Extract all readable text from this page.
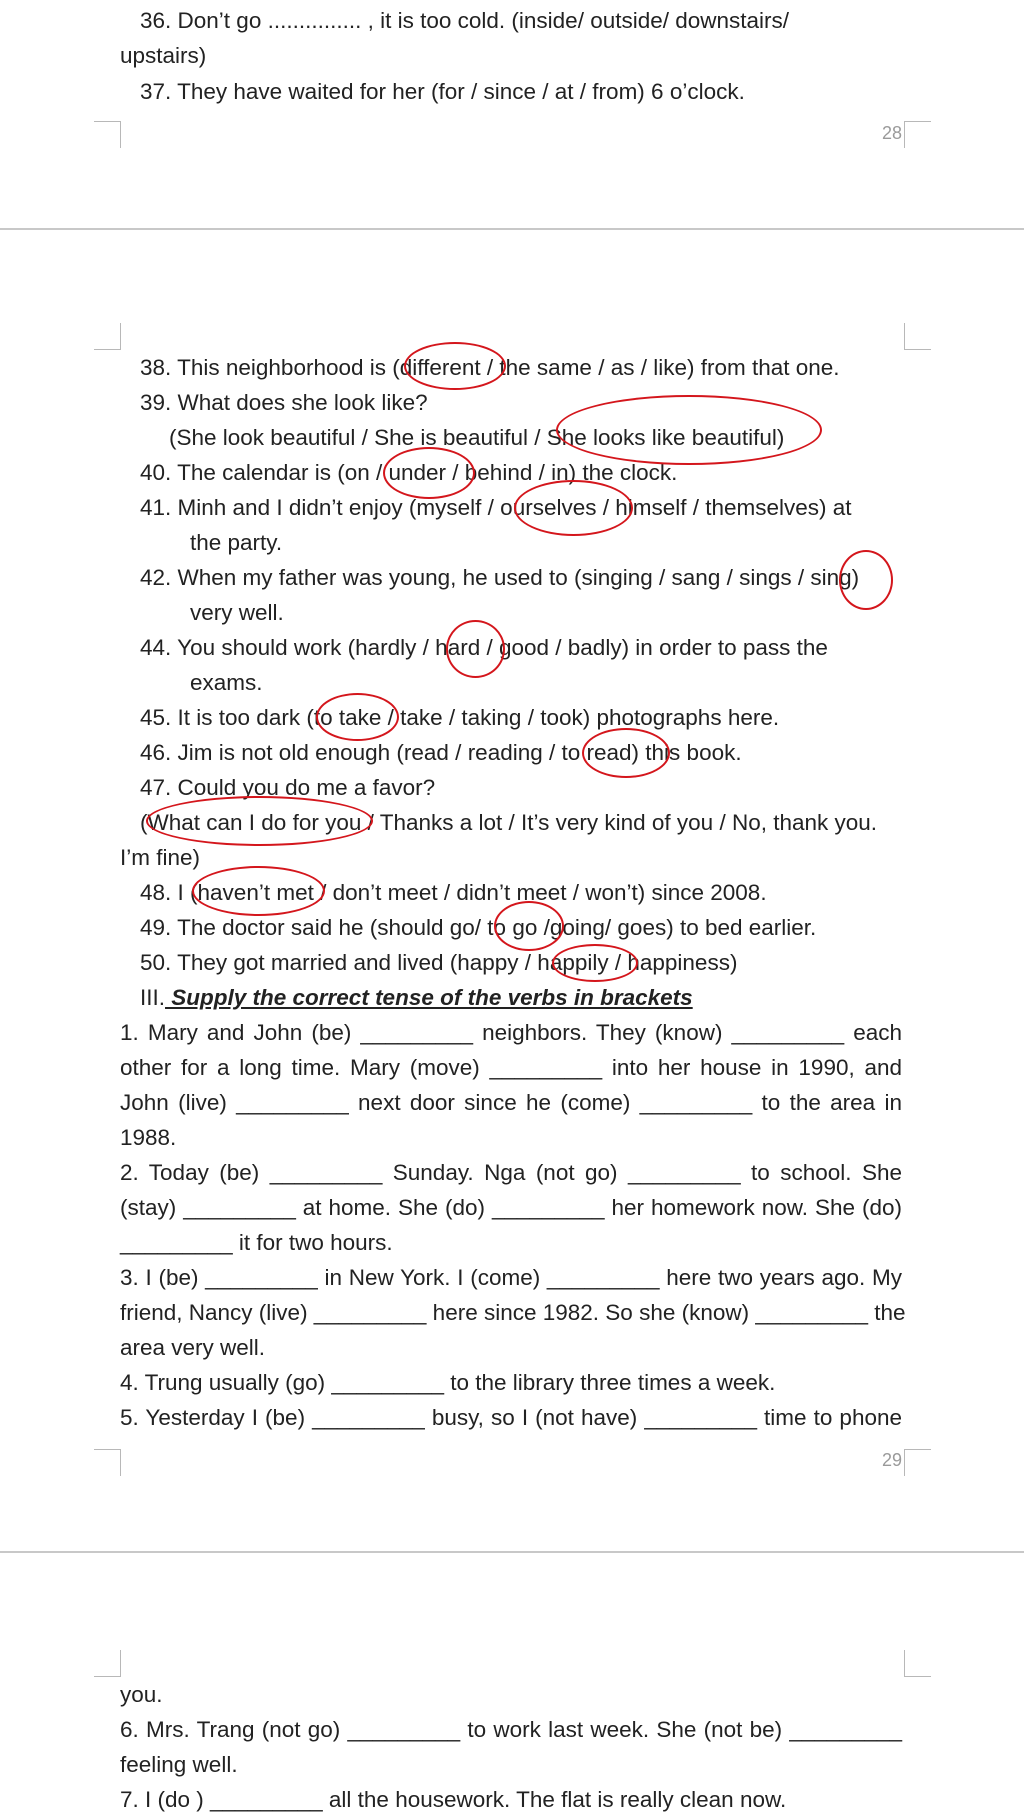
36. Don’t go ............... , it is too cold. (inside/ outside/ downstairs/
upstairs)
37. They have waited for her (for / since / at / from) 6 o’clock.
28
38. This neighborhood is (different / the same / as / like) from that one.
39. What does she look like?
(She look beautiful / She is beautiful / She looks like beautiful)
40. The calendar is (on / under / behind / in) the clock.
41. Minh and I didn’t enjoy (myself / ourselves / himself / themselves) at
the party.
42. When my father was young, he used to (singing / sang / sings / sing)
very well.
44. You should work (hardly / hard / good / badly) in order to pass the
exams.
45. It is too dark (to take / take / taking / took) photographs here.
46. Jim is not old enough (read / reading / to read) this book.
47. Could you do me a favor?
(What can I do for you / Thanks a lot / It’s very kind of you / No, thank you.
I’m fine)
48. I (haven’t met / don’t meet / didn’t meet / won’t) since 2008.
49. The doctor said he (should go/ to go /going/ goes) to bed earlier.
50. They got married and lived (happy / happily / happiness)
III. Supply the correct tense of the verbs in brackets
1. Mary and John (be) _________ neighbors. They (know) _________ each
other for a long time. Mary (move) _________ into her house in 1990, and
John (live) _________ next door since he (come) _________ to the area in
1988.
2. Today (be) _________ Sunday. Nga (not go) _________ to school. She
(stay) _________ at home. She (do) _________ her homework now. She (do)
_________ it for two hours.
3. I (be) _________ in New York. I (come) _________ here two years ago. My
friend, Nancy (live) _________ here since 1982. So she (know) _________ the
area very well.
4. Trung usually (go) _________ to the library three times a week.
5. Yesterday I (be) _________ busy, so I (not have) _________ time to phone
29
you.
6. Mrs. Trang (not go) _________ to work last week. She (not be) _________
feeling well.
7. I (do ) _________ all the housework. The flat is really clean now.
